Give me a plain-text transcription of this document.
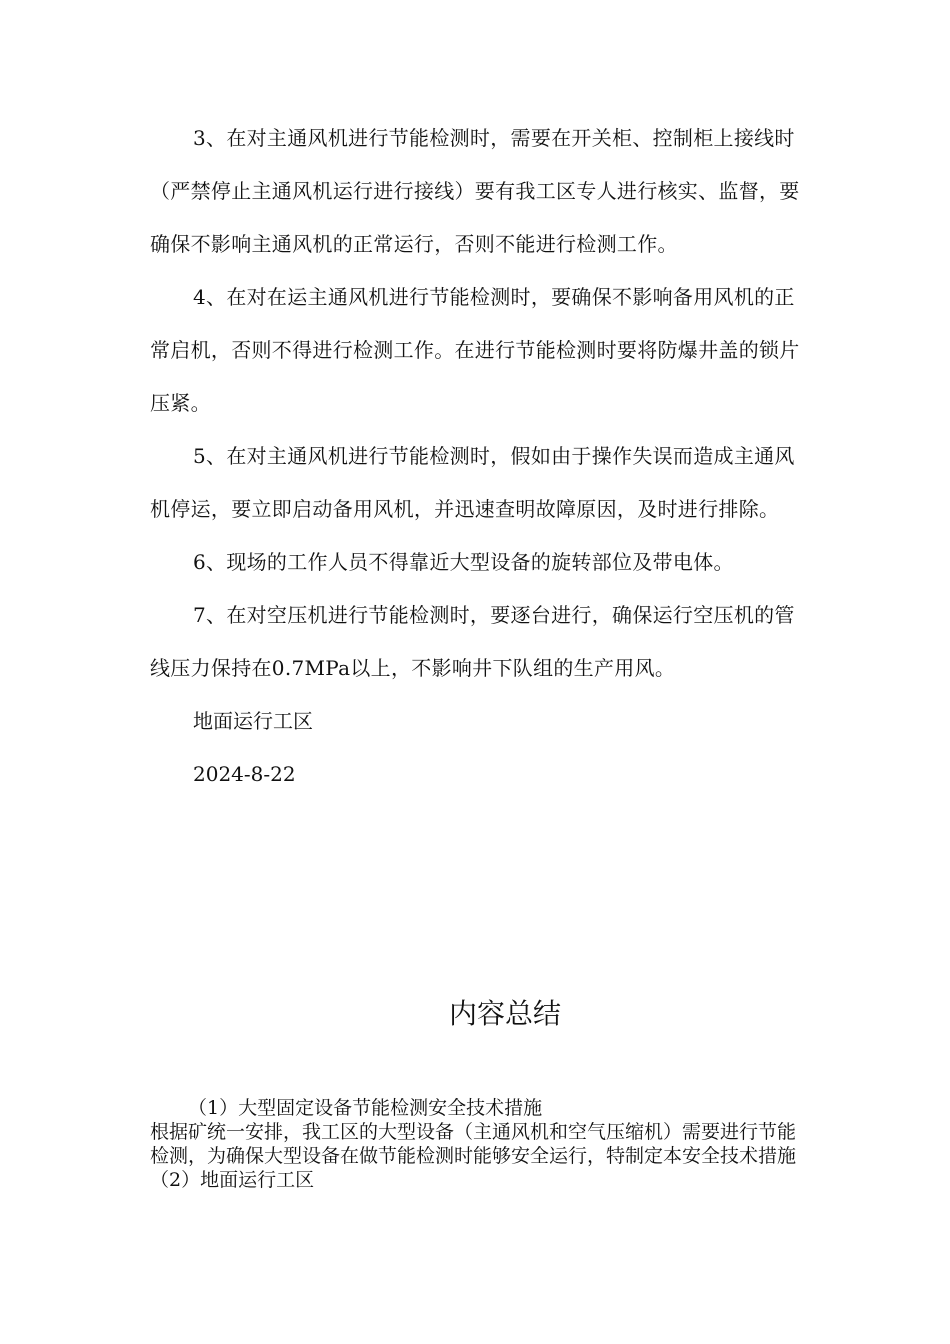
3、在对主通风机进行节能检测时，需要在开关柜、控制柜上接线时（严禁停止主通风机运行进行接线）要有我工区专人进行核实、监督，要确保不影响主通风机的正常运行，否则不能进行检测工作。

4、在对在运主通风机进行节能检测时，要确保不影响备用风机的正常启机，否则不得进行检测工作。在进行节能检测时要将防爆井盖的锁片压紧。

5、在对主通风机进行节能检测时，假如由于操作失误而造成主通风机停运，要立即启动备用风机，并迅速查明故障原因，及时进行排除。

6、现场的工作人员不得靠近大型设备的旋转部位及带电体。

7、在对空压机进行节能检测时，要逐台进行，确保运行空压机的管线压力保持在0.7MPa以上，不影响井下队组的生产用风。

地面运行工区

2024-8-22

内容总结

（1）大型固定设备节能检测安全技术措施

根据矿统一安排，我工区的大型设备（主通风机和空气压缩机）需要进行节能检测，为确保大型设备在做节能检测时能够安全运行，特制定本安全技术措施

（2）地面运行工区
